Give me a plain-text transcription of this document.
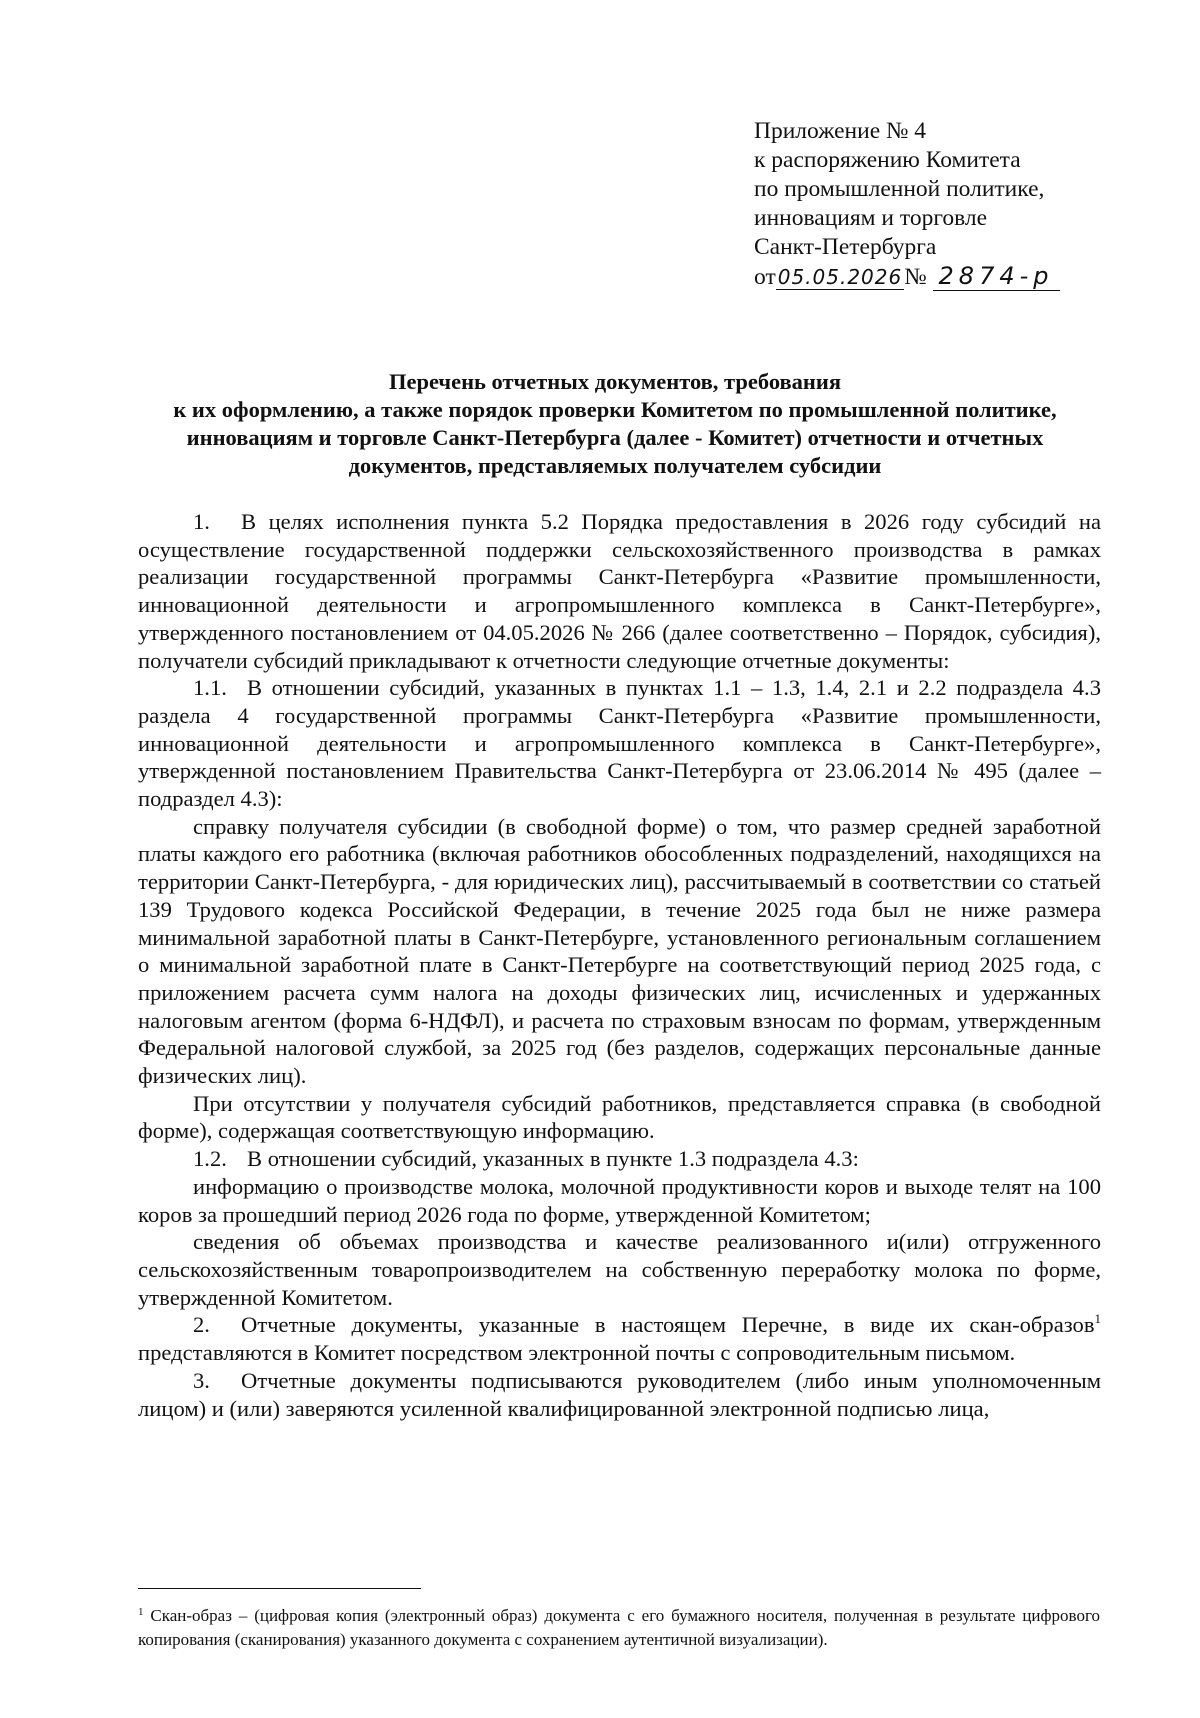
Приложение № 4
к распоряжению Комитета
по промышленной политике,
инновациям и торговле
Санкт-Петербурга
от 05.05.2026№ 2874-р
Перечень отчетных документов, требования
к их оформлению, а также порядок проверки Комитетом по промышленной политике,
инновациям и торговле Санкт-Петербурга (далее - Комитет) отчетности и отчетных
документов, представляемых получателем субсидии

1. В целях исполнения пункта 5.2 Порядка предоставления в 2026 году субсидий на осуществление государственной поддержки сельскохозяйственного производства в рамках реализации государственной программы Санкт-Петербурга «Развитие промышленности, инновационной деятельности и агропромышленного комплекса в Санкт-Петербурге», утвержденного постановлением от 04.05.2026 № 266 (далее соответственно – Порядок, субсидия), получатели субсидий прикладывают к отчетности следующие отчетные документы:

1.1. В отношении субсидий, указанных в пунктах 1.1 – 1.3, 1.4, 2.1 и 2.2 подраздела 4.3 раздела 4 государственной программы Санкт-Петербурга «Развитие промышленности, инновационной деятельности и агропромышленного комплекса в Санкт-Петербурге», утвержденной постановлением Правительства Санкт-Петербурга от 23.06.2014 № 495 (далее – подраздел 4.3):

справку получателя субсидии (в свободной форме) о том, что размер средней заработной платы каждого его работника (включая работников обособленных подразделений, находящихся на территории Санкт-Петербурга, - для юридических лиц), рассчитываемый в соответствии со статьей 139 Трудового кодекса Российской Федерации, в течение 2025 года был не ниже размера минимальной заработной платы в Санкт-Петербурге, установленного региональным соглашением о минимальной заработной плате в Санкт-Петербурге на соответствующий период 2025 года, с приложением расчета сумм налога на доходы физических лиц, исчисленных и удержанных налоговым агентом (форма 6-НДФЛ), и расчета по страховым взносам по формам, утвержденным Федеральной налоговой службой, за 2025 год (без разделов, содержащих персональные данные физических лиц).

При отсутствии у получателя субсидий работников, представляется справка (в свободной форме), содержащая соответствующую информацию.

1.2. В отношении субсидий, указанных в пункте 1.3 подраздела 4.3:

информацию о производстве молока, молочной продуктивности коров и выходе телят на 100 коров за прошедший период 2026 года по форме, утвержденной Комитетом;

сведения об объемах производства и качестве реализованного и(или) отгруженного сельскохозяйственным товаропроизводителем на собственную переработку молока по форме, утвержденной Комитетом.

2. Отчетные документы, указанные в настоящем Перечне, в виде их скан-образов$^1$ представляются в Комитет посредством электронной почты с сопроводительным письмом.

3. Отчетные документы подписываются руководителем (либо иным уполномоченным лицом) и (или) заверяются усиленной квалифицированной электронной подписью лица,

$^1$ Скан-образ – (цифровая копия (электронный образ) документа с его бумажного носителя, полученная в результате цифрового копирования (сканирования) указанного документа с сохранением аутентичной визуализации).
